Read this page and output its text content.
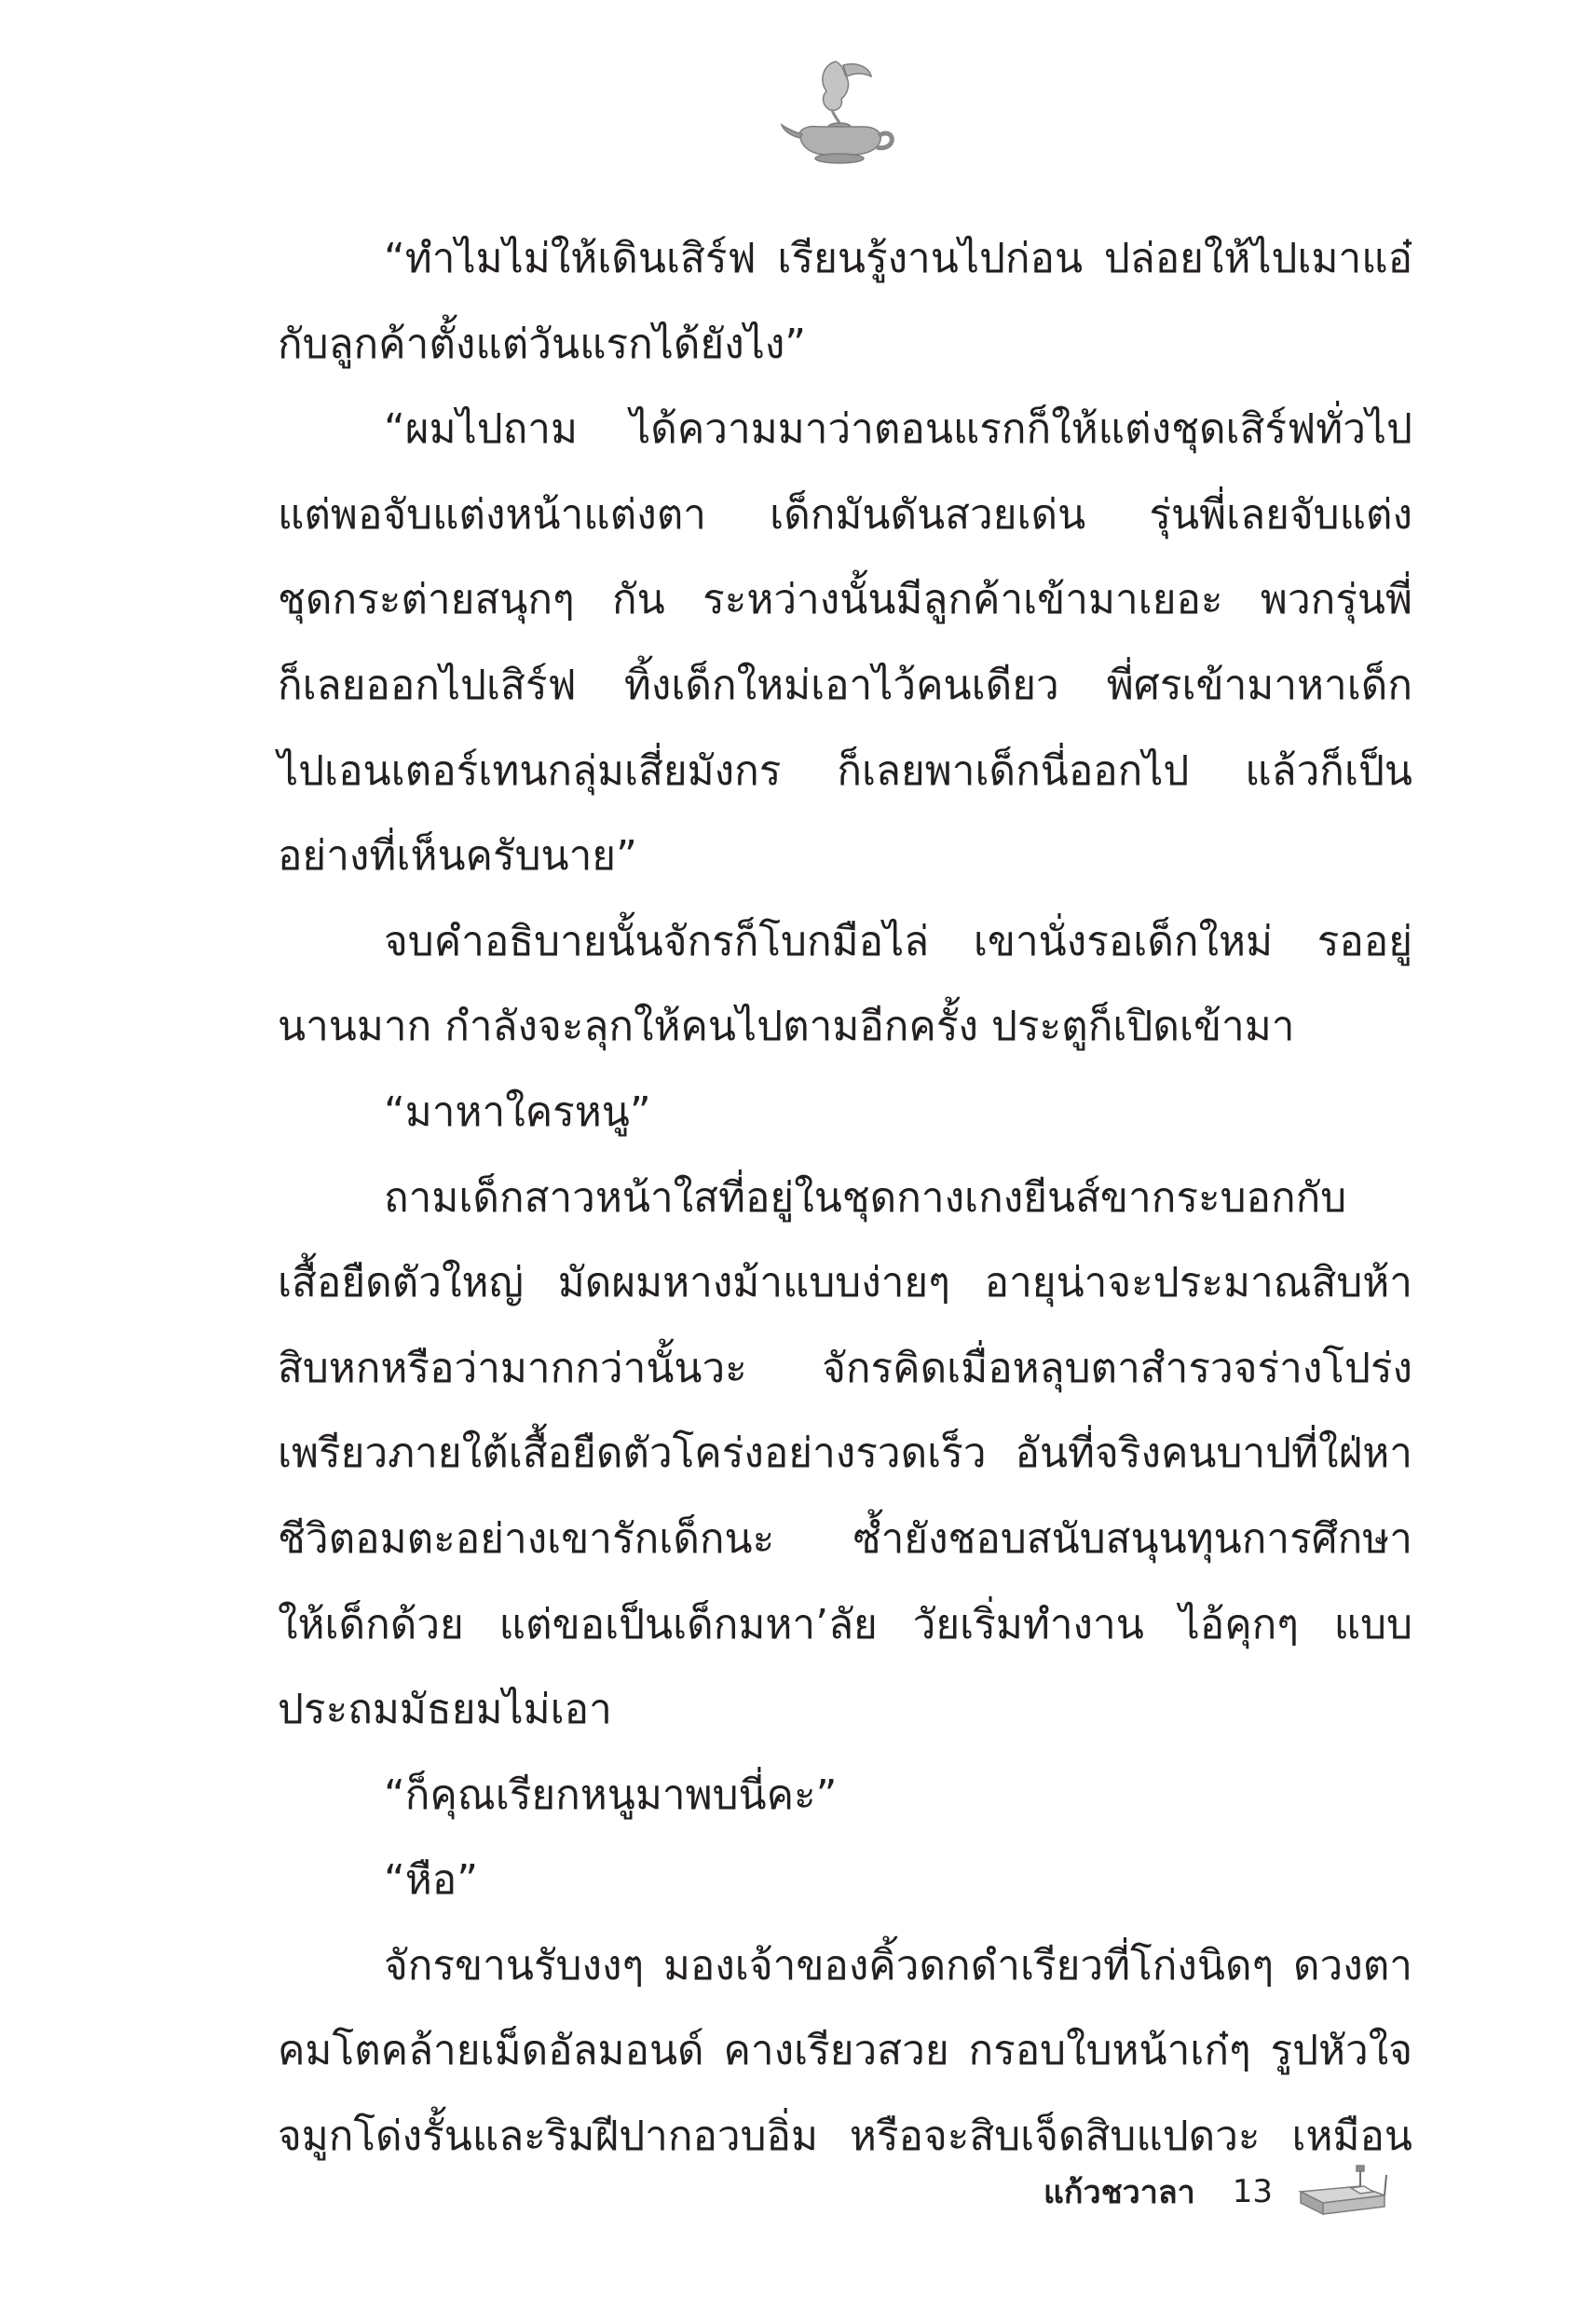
“ทำไมไม่ให้เดินเสิร์ฟ เรียนรู้งานไปก่อน ปล่อยให้ไปเมาแอ๋
กับลูกค้าตั้งแต่วันแรกได้ยังไง”
“ผมไปถาม ได้ความมาว่าตอนแรกก็ให้แต่งชุดเสิร์ฟทั่วไป
แต่พอจับแต่งหน้าแต่งตา เด็กมันดันสวยเด่น รุ่นพี่เลยจับแต่ง
ชุดกระต่ายสนุกๆ กัน ระหว่างนั้นมีลูกค้าเข้ามาเยอะ พวกรุ่นพี่
ก็เลยออกไปเสิร์ฟ ทิ้งเด็กใหม่เอาไว้คนเดียว พี่ศรเข้ามาหาเด็ก
ไปเอนเตอร์เทนกลุ่มเสี่ยมังกร ก็เลยพาเด็กนี่ออกไป แล้วก็เป็น
อย่างที่เห็นครับนาย”
จบคำอธิบายนั้นจักรก็โบกมือไล่ เขานั่งรอเด็กใหม่ รออยู่
นานมาก กำลังจะลุกให้คนไปตามอีกครั้ง ประตูก็เปิดเข้ามา
“มาหาใครหนู”
ถามเด็กสาวหน้าใสที่อยู่ในชุดกางเกงยีนส์ขากระบอกกับ
เสื้อยืดตัวใหญ่ มัดผมหางม้าแบบง่ายๆ อายุน่าจะประมาณสิบห้า
สิบหกหรือว่ามากกว่านั้นวะ จักรคิดเมื่อหลุบตาสำรวจร่างโปร่ง
เพรียวภายใต้เสื้อยืดตัวโคร่งอย่างรวดเร็ว อันที่จริงคนบาปที่ใฝ่หา
ชีวิตอมตะอย่างเขารักเด็กนะ ซ้ำยังชอบสนับสนุนทุนการศึกษา
ให้เด็กด้วย แต่ขอเป็นเด็กมหา’ลัย วัยเริ่มทำงาน ไอ้คุกๆ แบบ
ประถมมัธยมไม่เอา
“ก็คุณเรียกหนูมาพบนี่คะ”
“หือ”
จักรขานรับงงๆ มองเจ้าของคิ้วดกดำเรียวที่โก่งนิดๆ ดวงตา
คมโตคล้ายเม็ดอัลมอนด์ คางเรียวสวย กรอบใบหน้าเก๋ๆ รูปหัวใจ
จมูกโด่งรั้นและริมฝีปากอวบอิ่ม หรือจะสิบเจ็ดสิบแปดวะ เหมือน
แก้วชวาลา 13
